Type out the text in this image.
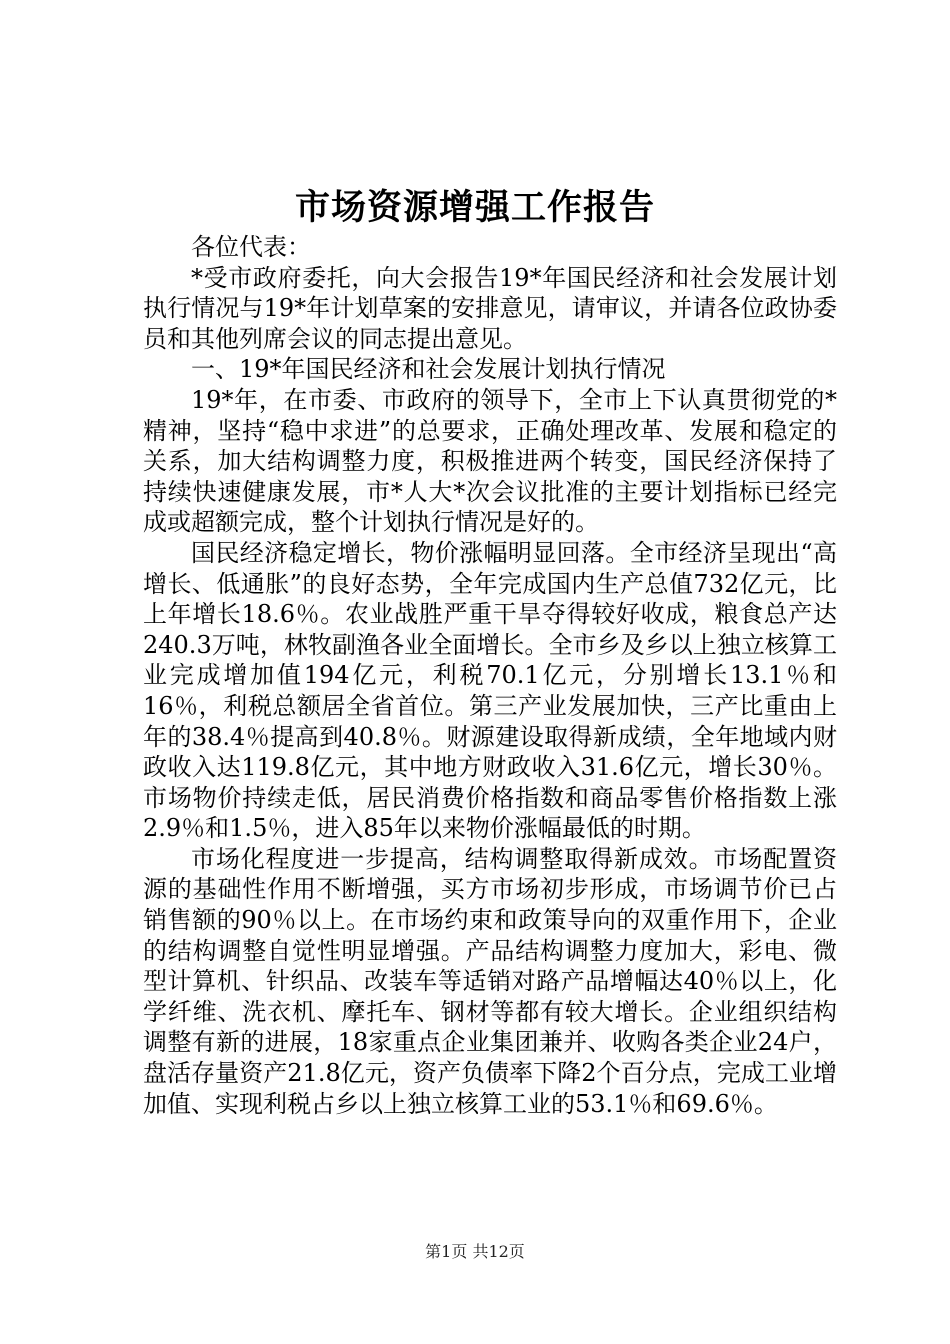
市场资源增强工作报告

各位代表：

*受市政府委托，向大会报告19*年国民经济和社会发展计划执行情况与19*年计划草案的安排意见，请审议，并请各位政协委员和其他列席会议的同志提出意见。

一、19*年国民经济和社会发展计划执行情况

19*年，在市委、市政府的领导下，全市上下认真贯彻党的*精神，坚持“稳中求进”的总要求，正确处理改革、发展和稳定的关系，加大结构调整力度，积极推进两个转变，国民经济保持了持续快速健康发展，市*人大*次会议批准的主要计划指标已经完成或超额完成，整个计划执行情况是好的。

国民经济稳定增长，物价涨幅明显回落。全市经济呈现出“高增长、低通胀”的良好态势，全年完成国内生产总值732亿元，比上年增长18.6％。农业战胜严重干旱夺得较好收成，粮食总产达240.3万吨，林牧副渔各业全面增长。全市乡及乡以上独立核算工业完成增加值194亿元，利税70.1亿元，分别增长13.1％和16％，利税总额居全省首位。第三产业发展加快，三产比重由上年的38.4％提高到40.8％。财源建设取得新成绩，全年地域内财政收入达119.8亿元，其中地方财政收入31.6亿元，增长30％。市场物价持续走低，居民消费价格指数和商品零售价格指数上涨2.9％和1.5％，进入85年以来物价涨幅最低的时期。

市场化程度进一步提高，结构调整取得新成效。市场配置资源的基础性作用不断增强，买方市场初步形成，市场调节价已占销售额的90％以上。在市场约束和政策导向的双重作用下，企业的结构调整自觉性明显增强。产品结构调整力度加大，彩电、微型计算机、针织品、改装车等适销对路产品增幅达40％以上，化学纤维、洗衣机、摩托车、钢材等都有较大增长。企业组织结构调整有新的进展，18家重点企业集团兼并、收购各类企业24户，盘活存量资产21.8亿元，资产负债率下降2个百分点，完成工业增加值、实现利税占乡以上独立核算工业的53.1％和69.6％。

第1页 共12页
